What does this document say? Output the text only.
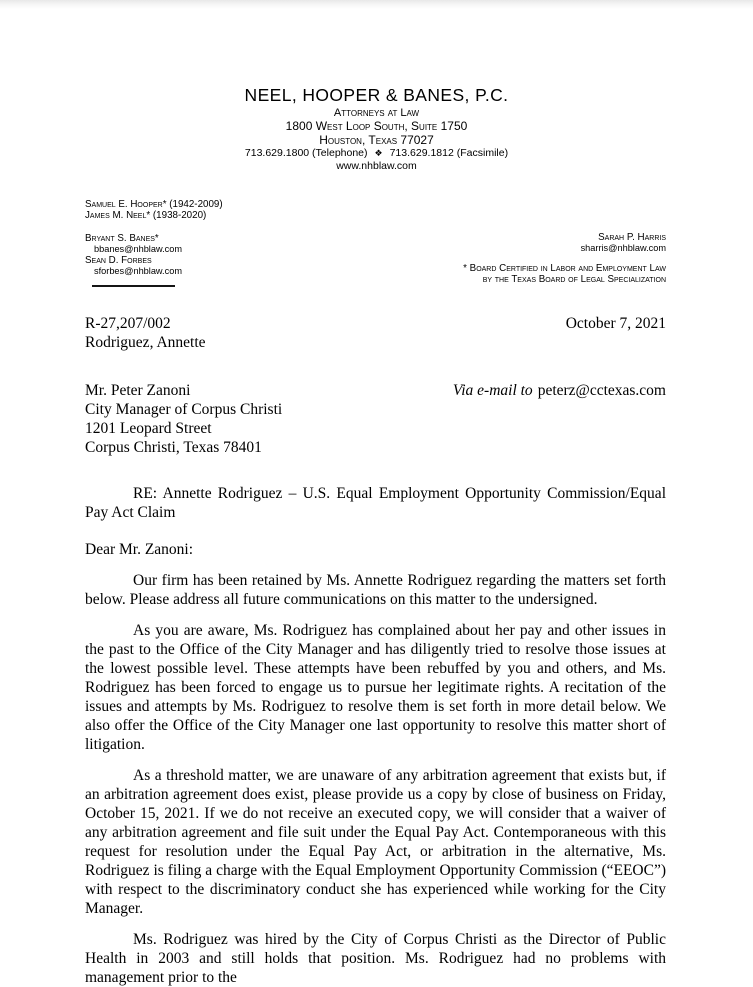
NEEL, HOOPER & BANES, P.C.
Attorneys at Law
1800 West Loop South, Suite 1750
Houston, Texas 77027
713.629.1800 (Telephone) ❖ 713.629.1812 (Facsimile)
www.nhblaw.com
Samuel E. Hooper* (1942-2009)
James M. Neel* (1938-2020)
Bryant S. Banes*
bbanes@nhblaw.com
Sean D. Forbes
sforbes@nhblaw.com
Sarah P. Harris
sharris@nhblaw.com
* Board Certified in Labor and Employment Law
by the Texas Board of Legal Specialization
R-27,207/002	October 7, 2021
Rodriguez, Annette
Mr. Peter Zanoni	Via e-mail to peterz@cctexas.com
City Manager of Corpus Christi
1201 Leopard Street
Corpus Christi, Texas 78401

RE: Annette Rodriguez – U.S. Equal Employment Opportunity Commission/Equal Pay Act Claim

Dear Mr. Zanoni:

Our firm has been retained by Ms. Annette Rodriguez regarding the matters set forth below. Please address all future communications on this matter to the undersigned.

As you are aware, Ms. Rodriguez has complained about her pay and other issues in the past to the Office of the City Manager and has diligently tried to resolve those issues at the lowest possible level. These attempts have been rebuffed by you and others, and Ms. Rodriguez has been forced to engage us to pursue her legitimate rights. A recitation of the issues and attempts by Ms. Rodriguez to resolve them is set forth in more detail below. We also offer the Office of the City Manager one last opportunity to resolve this matter short of litigation.

As a threshold matter, we are unaware of any arbitration agreement that exists but, if an arbitration agreement does exist, please provide us a copy by close of business on Friday, October 15, 2021. If we do not receive an executed copy, we will consider that a waiver of any arbitration agreement and file suit under the Equal Pay Act. Contemporaneous with this request for resolution under the Equal Pay Act, or arbitration in the alternative, Ms. Rodriguez is filing a charge with the Equal Employment Opportunity Commission (“EEOC”) with respect to the discriminatory conduct she has experienced while working for the City Manager.

Ms. Rodriguez was hired by the City of Corpus Christi as the Director of Public Health in 2003 and still holds that position. Ms. Rodriguez had no problems with management prior to the
